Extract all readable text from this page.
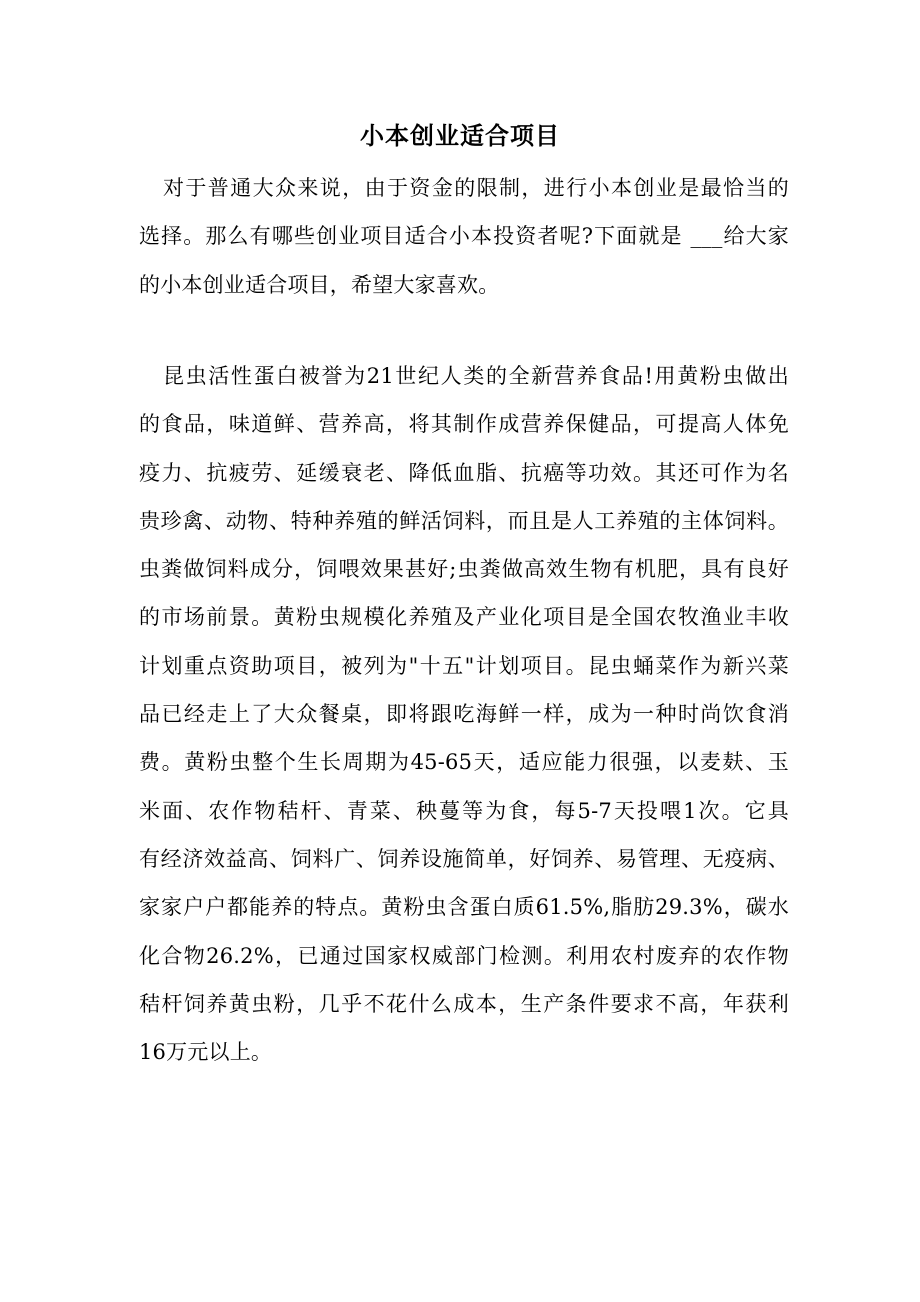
小本创业适合项目
对于普通大众来说，由于资金的限制，进行小本创业是最恰当的
选择。那么有哪些创业项目适合小本投资者呢?下面就是 ___给大家
的小本创业适合项目，希望大家喜欢。
昆虫活性蛋白被誉为21世纪人类的全新营养食品!用黄粉虫做出
的食品，味道鲜、营养高，将其制作成营养保健品，可提高人体免
疫力、抗疲劳、延缓衰老、降低血脂、抗癌等功效。其还可作为名
贵珍禽、动物、特种养殖的鲜活饲料，而且是人工养殖的主体饲料。
虫粪做饲料成分，饲喂效果甚好;虫粪做高效生物有机肥，具有良好
的市场前景。黄粉虫规模化养殖及产业化项目是全国农牧渔业丰收
计划重点资助项目，被列为"十五"计划项目。昆虫蛹菜作为新兴菜
品已经走上了大众餐桌，即将跟吃海鲜一样，成为一种时尚饮食消
费。黄粉虫整个生长周期为45-65天，适应能力很强，以麦麸、玉
米面、农作物秸杆、青菜、秧蔓等为食，每5-7天投喂1次。它具
有经济效益高、饲料广、饲养设施简单，好饲养、易管理、无疫病、
家家户户都能养的特点。黄粉虫含蛋白质61.5%,脂肪29.3%，碳水
化合物26.2%，已通过国家权威部门检测。利用农村废弃的农作物
秸杆饲养黄虫粉，几乎不花什么成本，生产条件要求不高，年获利
16万元以上。
